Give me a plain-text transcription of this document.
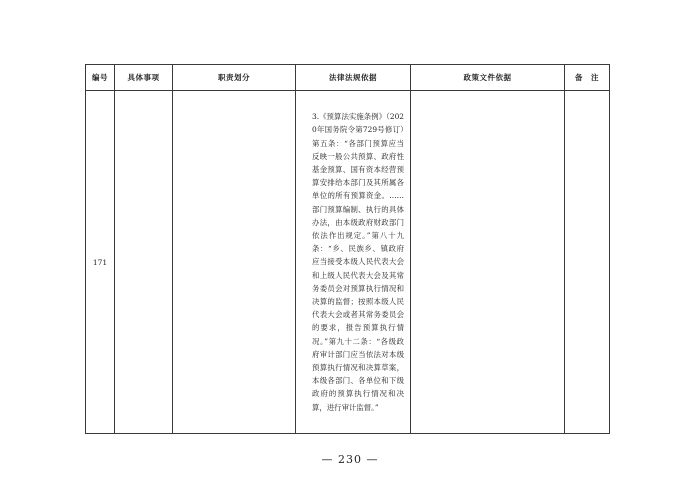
编号	具体事项	职责划分	法律法规依据	政策文件依据	备　注
171			3.《预算法实施条例》（2020年国务院令第729号修订）第五条：“各部门预算应当反映一般公共预算、政府性基金预算、国有资本经营预算安排给本部门及其所属各单位的所有预算资金。……部门预算编制、执行的具体办法，由本级政府财政部门依法作出规定。”第八十九条：“乡、民族乡、镇政府应当接受本级人民代表大会和上级人民代表大会及其常务委员会对预算执行情况和决算的监督；按照本级人民代表大会或者其常务委员会的要求，报告预算执行情况。”第九十二条：“各级政府审计部门应当依法对本级预算执行情况和决算草案，本级各部门、各单位和下级政府的预算执行情况和决算，进行审计监督。”		

— 230 —
